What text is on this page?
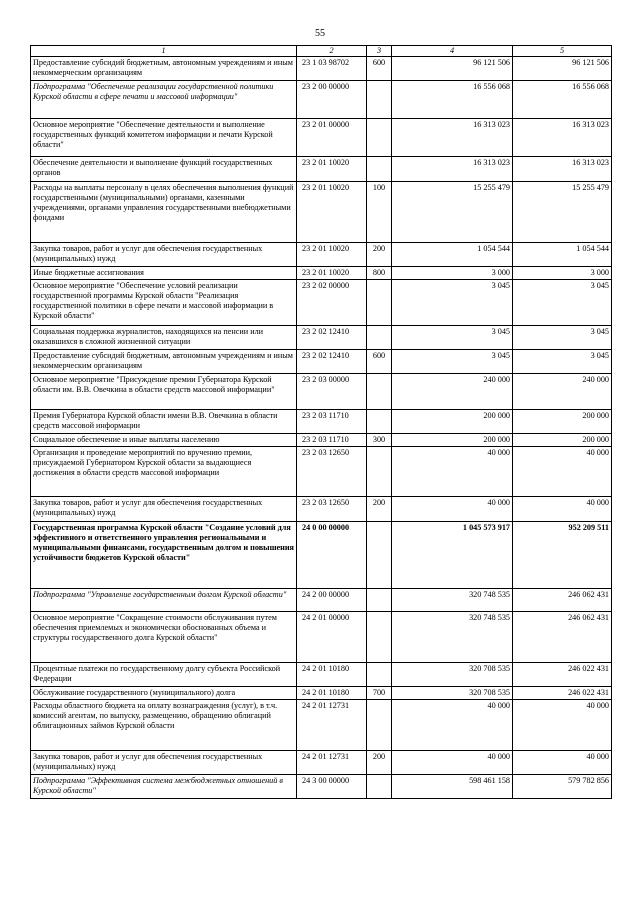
55
1	2	3	4	5
Предоставление субсидий бюджетным, автономным учреждениям и иным некоммерческим организациям	23 1 03 98702	600	96 121 506	96 121 506
Подпрограмма "Обеспечение реализации государственной политики Курской области в сфере печати и массовой информации"	23 2 00 00000		16 556 068	16 556 068
Основное мероприятие "Обеспечение деятельности и выполнение государственных функций комитетом информации и печати Курской области"	23 2 01 00000		16 313 023	16 313 023
Обеспечение деятельности и выполнение функций государственных органов	23 2 01 10020		16 313 023	16 313 023
Расходы на выплаты персоналу в целях обеспечения выполнения функций государственными (муниципальными) органами, казенными учреждениями, органами управления государственными внебюджетными фондами	23 2 01 10020	100	15 255 479	15 255 479
Закупка товаров, работ и услуг для обеспечения государственных (муниципальных) нужд	23 2 01 10020	200	1 054 544	1 054 544
Иные бюджетные ассигнования	23 2 01 10020	800	3 000	3 000
Основное мероприятие "Обеспечение условий реализации государственной программы Курской области "Реализация государственной политики в сфере печати и массовой информации в Курской области"	23 2 02 00000		3 045	3 045
Социальная поддержка журналистов, находящихся на пенсии или оказавшихся в сложной жизненной ситуации	23 2 02 12410		3 045	3 045
Предоставление субсидий бюджетным, автономным учреждениям и иным некоммерческим организациям	23 2 02 12410	600	3 045	3 045
Основное мероприятие "Присуждение премии Губернатора Курской области им. В.В. Овечкина в области средств массовой информации"	23 2 03 00000		240 000	240 000
Премия Губернатора Курской области имени В.В. Овечкина в области средств массовой информации	23 2 03 11710		200 000	200 000
Социальное обеспечение и иные выплаты населению	23 2 03 11710	300	200 000	200 000
Организация и проведение мероприятий по вручению премии, присуждаемой Губернатором Курской области за выдающиеся достижения в области средств массовой информации	23 2 03 12650		40 000	40 000
Закупка товаров, работ и услуг для обеспечения государственных (муниципальных) нужд	23 2 03 12650	200	40 000	40 000
Государственная программа Курской области "Создание условий для эффективного и ответственного управления региональными и муниципальными финансами, государственным долгом и повышения устойчивости бюджетов Курской области"	24 0 00 00000		1 045 573 917	952 209 511
Подпрограмма "Управление государственным долгом Курской области"	24 2 00 00000		320 748 535	246 062 431
Основное мероприятие "Сокращение стоимости обслуживания путем обеспечения приемлемых и экономически обоснованных объема и структуры государственного долга Курской области"	24 2 01 00000		320 748 535	246 062 431
Процентные платежи по государственному долгу субъекта Российской Федерации	24 2 01 10180		320 708 535	246 022 431
Обслуживание государственного (муниципального) долга	24 2 01 10180	700	320 708 535	246 022 431
Расходы областного бюджета на оплату вознаграждения (услуг), в т.ч. комиссий агентам, по выпуску, размещению, обращению облигаций облигационных займов Курской области	24 2 01 12731		40 000	40 000
Закупка товаров, работ и услуг для обеспечения государственных (муниципальных) нужд	24 2 01 12731	200	40 000	40 000
Подпрограмма "Эффективная система межбюджетных отношений в Курской области"	24 3 00 00000		598 461 158	579 782 856
